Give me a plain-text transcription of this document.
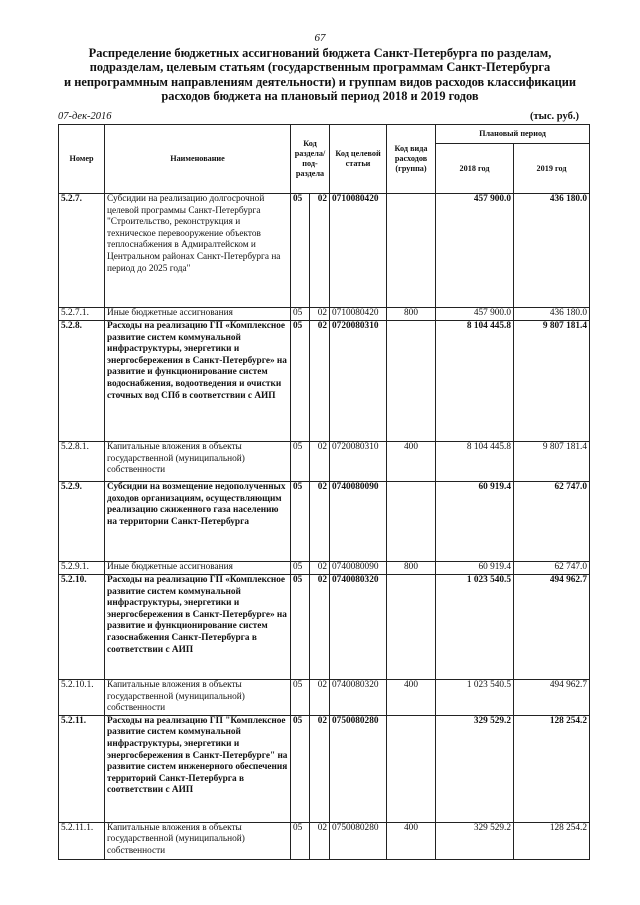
67
Распределение бюджетных ассигнований бюджета Санкт-Петербурга по разделам,
подразделам, целевым статьям (государственным программам Санкт-Петербурга
и непрограммным направлениям деятельности) и группам видов расходов классификации
расходов бюджета на плановый период 2018 и 2019 годов
07-дек-2016	(тыс. руб.)
Номер	Наименование	Код раздела/ под- раздела		Код целевой статьи	Код вида расходов (группа)	Плановый период	
						2018 год	2019 год
5.2.7.	Субсидии на реализацию долгосрочной целевой программы Санкт-Петербурга "Строительство, реконструкция и техническое перевооружение объектов теплоснабжения в Адмиралтейском и Центральном районах Санкт-Петербурга на период до 2025 года"	05	02	0710080420		457 900.0	436 180.0
5.2.7.1.	Иные бюджетные ассигнования	05	02	0710080420	800	457 900.0	436 180.0
5.2.8.	Расходы на реализацию ГП «Комплексное развитие систем коммунальной инфраструктуры, энергетики и энергосбережения в Санкт-Петербурге» на развитие и функционирование систем водоснабжения, водоотведения и очистки сточных вод СПб в соответствии с АИП	05	02	0720080310		8 104 445.8	9 807 181.4
5.2.8.1.	Капитальные вложения в объекты государственной (муниципальной) собственности	05	02	0720080310	400	8 104 445.8	9 807 181.4
5.2.9.	Субсидии на возмещение недополученных доходов организациям, осуществляющим реализацию сжиженного газа населению на территории Санкт-Петербурга	05	02	0740080090		60 919.4	62 747.0
5.2.9.1.	Иные бюджетные ассигнования	05	02	0740080090	800	60 919.4	62 747.0
5.2.10.	Расходы на реализацию ГП «Комплексное развитие систем коммунальной инфраструктуры, энергетики и энергосбережения в Санкт-Петербурге» на развитие и функционирование систем газоснабжения Санкт-Петербурга в соответствии с АИП	05	02	0740080320		1 023 540.5	494 962.7
5.2.10.1.	Капитальные вложения в объекты государственной (муниципальной) собственности	05	02	0740080320	400	1 023 540.5	494 962.7
5.2.11.	Расходы на реализацию ГП "Комплексное развитие систем коммунальной инфраструктуры, энергетики и энергосбережения в Санкт-Петербурге" на развитие систем инженерного обеспечения территорий Санкт-Петербурга в соответствии с АИП	05	02	0750080280		329 529.2	128 254.2
5.2.11.1.	Капитальные вложения в объекты государственной (муниципальной) собственности	05	02	0750080280	400	329 529.2	128 254.2
